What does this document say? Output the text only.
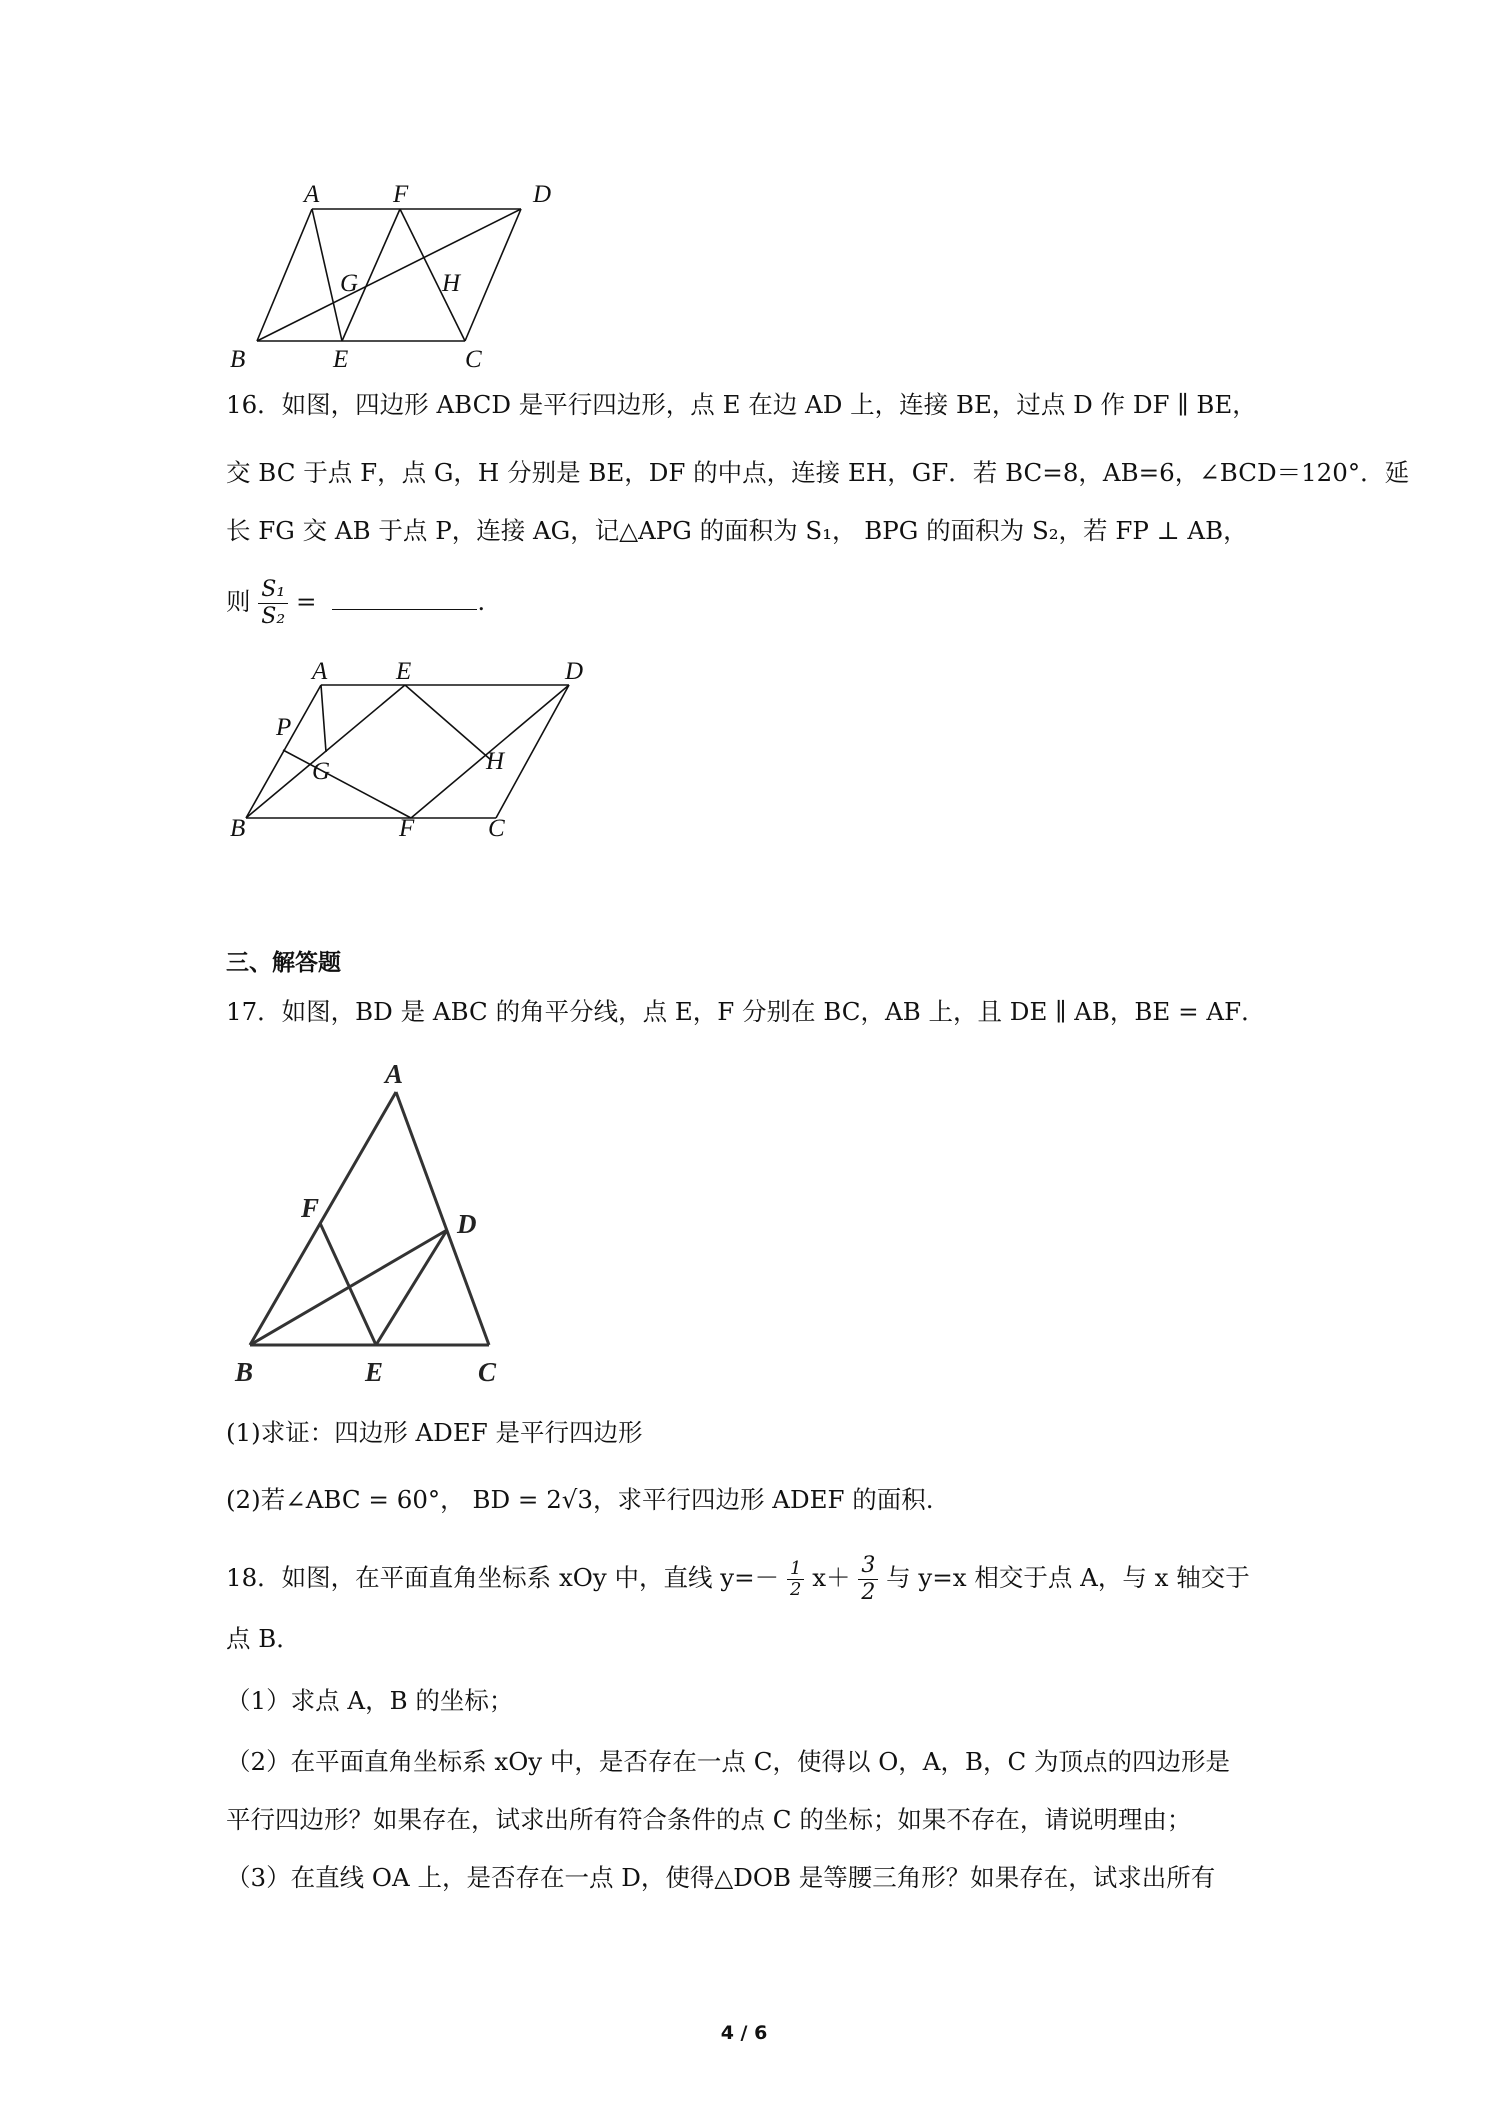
A	F	D
G	H
B	E	C
16．如图，四边形 ABCD 是平行四边形，点 E 在边 AD 上，连接 BE，过点 D 作 DF ∥ BE，
交 BC 于点 F，点 G，H 分别是 BE，DF 的中点，连接 EH，GF．若 BC=8，AB=6，∠BCD＝120°．延
长 FG 交 AB 于点 P，连接 AG，记△APG 的面积为 S₁， BPG 的面积为 S₂，若 FP ⊥ AB，
则 $\frac{\text{S₁}}{\text{S₂}}$ =	.
A	E	D
P
G	H
B	F	C
三、解答题
17．如图，BD 是 ABC 的角平分线，点 E，F 分别在 BC，AB 上，且 DE ∥ AB，BE = AF．
A
F
D
B	E	C
(1)求证：四边形 ADEF 是平行四边形
(2)若∠ABC = 60°， BD = 2√3，求平行四边形 ADEF 的面积.
18．如图，在平面直角坐标系 xOy 中，直线 $y=- \frac{1}{2} x+ \frac{3}{2}$ 与 y=x 相交于点 A，与 x 轴交于
点 B．
（1）求点 A，B 的坐标；
（2）在平面直角坐标系 xOy 中，是否存在一点 C，使得以 O，A，B，C 为顶点的四边形是
平行四边形？如果存在，试求出所有符合条件的点 C 的坐标；如果不存在，请说明理由；
（3）在直线 OA 上，是否存在一点 D，使得△DOB 是等腰三角形？如果存在，试求出所有
4 / 6
